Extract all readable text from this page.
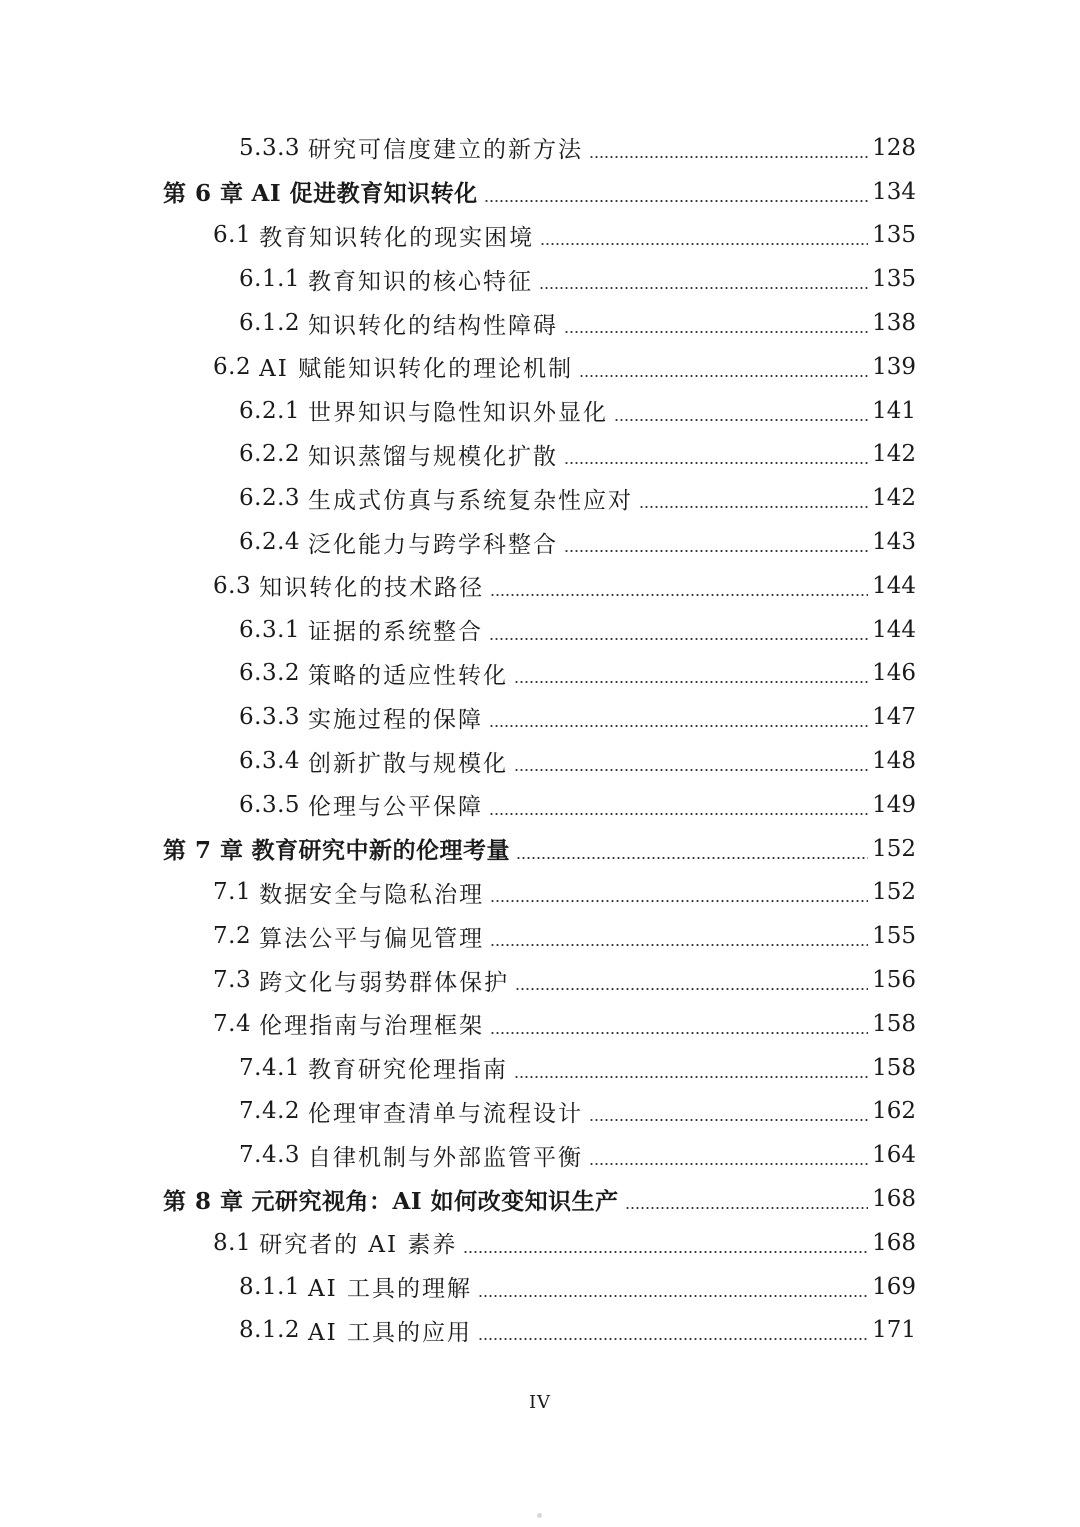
5.3.3 研究可信度建立的新方法	128
第 6 章 AI 促进教育知识转化	134
6.1 教育知识转化的现实困境	135
6.1.1 教育知识的核心特征	135
6.1.2 知识转化的结构性障碍	138
6.2 AI 赋能知识转化的理论机制	139
6.2.1 世界知识与隐性知识外显化	141
6.2.2 知识蒸馏与规模化扩散	142
6.2.3 生成式仿真与系统复杂性应对	142
6.2.4 泛化能力与跨学科整合	143
6.3 知识转化的技术路径	144
6.3.1 证据的系统整合	144
6.3.2 策略的适应性转化	146
6.3.3 实施过程的保障	147
6.3.4 创新扩散与规模化	148
6.3.5 伦理与公平保障	149
第 7 章 教育研究中新的伦理考量	152
7.1 数据安全与隐私治理	152
7.2 算法公平与偏见管理	155
7.3 跨文化与弱势群体保护	156
7.4 伦理指南与治理框架	158
7.4.1 教育研究伦理指南	158
7.4.2 伦理审查清单与流程设计	162
7.4.3 自律机制与外部监管平衡	164
第 8 章 元研究视角：AI 如何改变知识生产	168
8.1 研究者的 AI 素养	168
8.1.1 AI 工具的理解	169
8.1.2 AI 工具的应用	171
IV
